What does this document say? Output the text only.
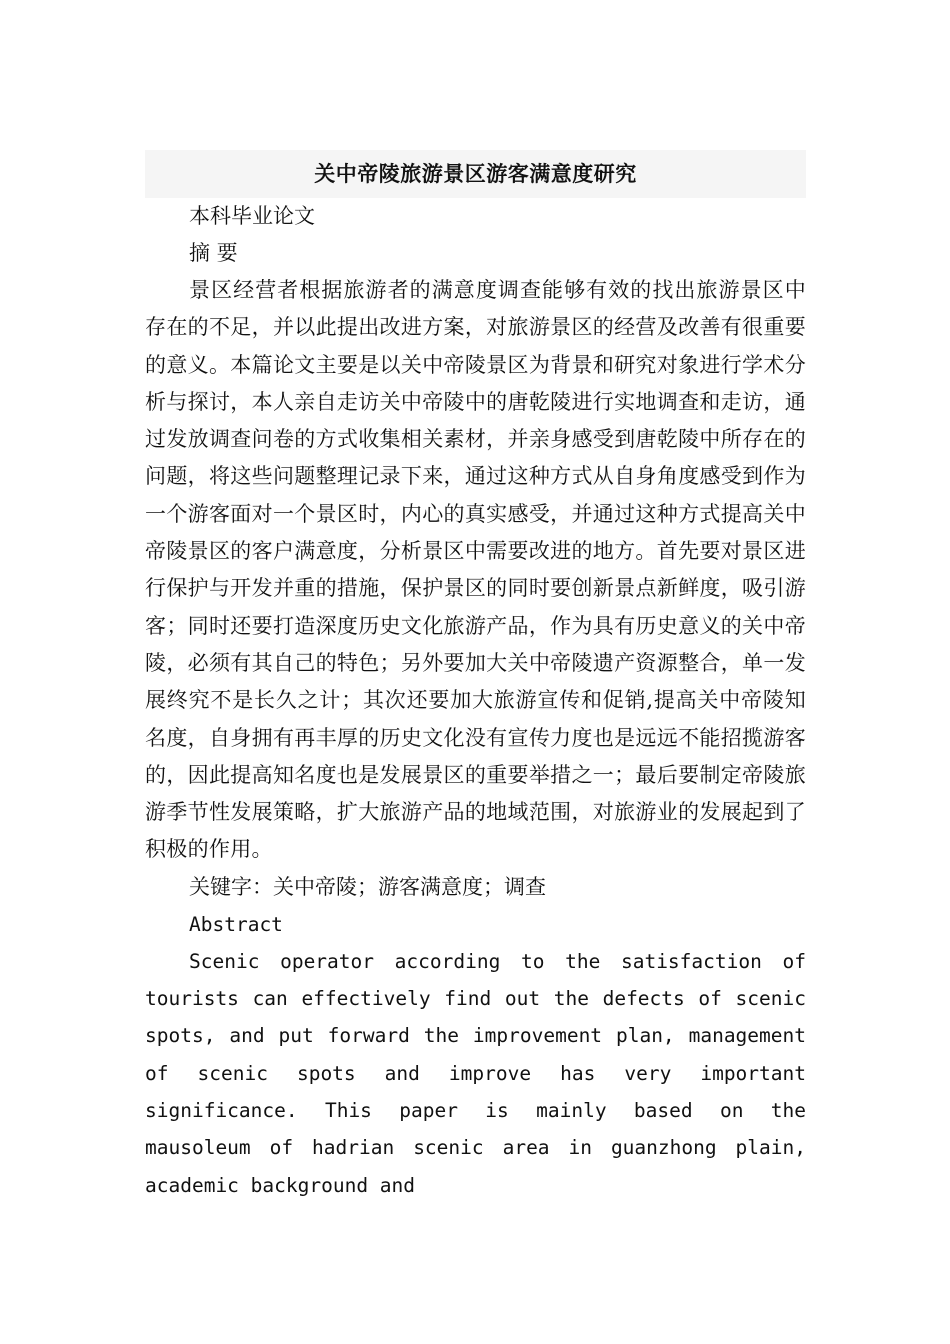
关中帝陵旅游景区游客满意度研究
本科毕业论文
摘 要

景区经营者根据旅游者的满意度调查能够有效的找出旅游景区中存在的不足，并以此提出改进方案，对旅游景区的经营及改善有很重要的意义。本篇论文主要是以关中帝陵景区为背景和研究对象进行学术分析与探讨，本人亲自走访关中帝陵中的唐乾陵进行实地调查和走访，通过发放调查问卷的方式收集相关素材，并亲身感受到唐乾陵中所存在的问题，将这些问题整理记录下来，通过这种方式从自身角度感受到作为一个游客面对一个景区时，内心的真实感受，并通过这种方式提高关中帝陵景区的客户满意度，分析景区中需要改进的地方。首先要对景区进行保护与开发并重的措施，保护景区的同时要创新景点新鲜度，吸引游客；同时还要打造深度历史文化旅游产品，作为具有历史意义的关中帝陵，必须有其自己的特色；另外要加大关中帝陵遗产资源整合，单一发展终究不是长久之计；其次还要加大旅游宣传和促销,提高关中帝陵知名度，自身拥有再丰厚的历史文化没有宣传力度也是远远不能招揽游客的，因此提高知名度也是发展景区的重要举措之一；最后要制定帝陵旅游季节性发展策略，扩大旅游产品的地域范围，对旅游业的发展起到了积极的作用。

关键字：关中帝陵；游客满意度；调查
Abstract

Scenic operator according to the satisfaction of tourists can effectively find out the defects of scenic spots, and put forward the improvement plan, management of scenic spots and improve has very important significance. This paper is mainly based on the mausoleum of hadrian scenic area in guanzhong plain, academic background and
